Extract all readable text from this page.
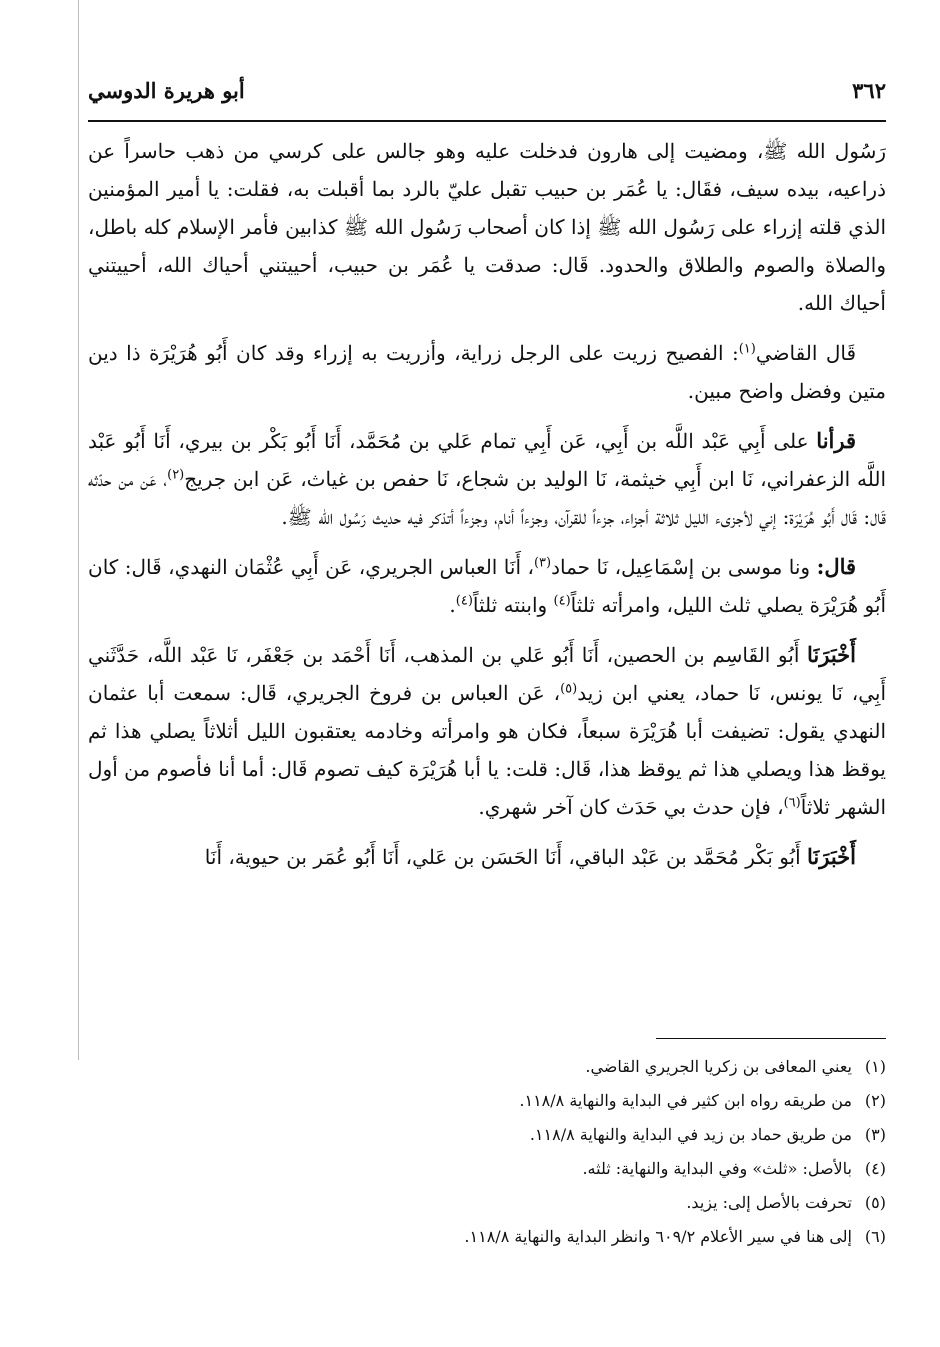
٣٦٢
أبو هريرة الدوسي

رَسُول الله ﷺ، ومضيت إلى هارون فدخلت عليه وهو جالس على كرسي من ذهب حاسراً عن ذراعيه، بيده سيف، فقَال: يا عُمَر بن حبيب تقبل عليّ بالرد بما أقبلت به، فقلت: يا أمير المؤمنين الذي قلته إزراء على رَسُول الله ﷺ إذا كان أصحاب رَسُول الله ﷺ كذابين فأمر الإسلام كله باطل، والصلاة والصوم والطلاق والحدود. قَال: صدقت يا عُمَر بن حبيب، أحييتني أحياك الله، أحييتني أحياك الله.

قَال القاضي$^{(١)}$: الفصيح زريت على الرجل زراية، وأزريت به إزراء وقد كان أَبُو هُرَيْرَة ذا دين متين وفضل واضح مبين.

قرأنا على أَبِي عَبْد اللَّه بن أَبِي، عَن أَبِي تمام عَلي بن مُحَمَّد، أَنَا أَبُو بَكْر بن بيري، أَنَا أَبُو عَبْد اللَّه الزعفراني، نَا ابن أَبِي خيثمة، نَا الوليد بن شجاع، نَا حفص بن غياث، عَن ابن جريج$^{(٢)}$، عَن من حدّثه قَال: قَال أَبُو هُرَيْرَة: إني لأجزىء الليل ثلاثة أجزاء، جزءاً للقرآن، وجزءاً أنام، وجزءاً أتذكر فيه حديث رَسُول الله ﷺ.

قال: ونا موسى بن إسْمَاعِيل، نَا حماد$^{(٣)}$، أَنَا العباس الجريري، عَن أَبِي عُثْمَان النهدي، قَال: كان أَبُو هُرَيْرَة يصلي ثلث الليل، وامرأته ثلثاً$^{(٤)}$ وابنته ثلثاً$^{(٤)}$.

أَخْبَرَنَا أَبُو القَاسِم بن الحصين، أَنَا أَبُو عَلي بن المذهب، أَنَا أَحْمَد بن جَعْفَر، نَا عَبْد اللَّه، حَدَّثَني أَبِي، نَا يونس، نَا حماد، يعني ابن زيد$^{(٥)}$، عَن العباس بن فروخ الجريري، قَال: سمعت أبا عثمان النهدي يقول: تضيفت أبا هُرَيْرَة سبعاً، فكان هو وامرأته وخادمه يعتقبون الليل أثلاثاً يصلي هذا ثم يوقظ هذا ويصلي هذا ثم يوقظ هذا، قَال: قلت: يا أبا هُرَيْرَة كيف تصوم قَال: أما أنا فأصوم من أول الشهر ثلاثاً$^{(٦)}$، فإن حدث بي حَدَث كان آخر شهري.

أَخْبَرَنَا أَبُو بَكْر مُحَمَّد بن عَبْد الباقي، أَنَا الحَسَن بن عَلي، أَنَا أَبُو عُمَر بن حيوية، أَنَا

(١)
يعني المعافى بن زكريا الجريري القاضي.
(٢)
من طريقه رواه ابن كثير في البداية والنهاية ١١٨/٨.
(٣)
من طريق حماد بن زيد في البداية والنهاية ١١٨/٨.
(٤)
بالأصل: «ثلث» وفي البداية والنهاية: ثلثه.
(٥)
تحرفت بالأصل إلى: يزيد.
(٦)
إلى هنا في سير الأعلام ٦٠٩/٢ وانظر البداية والنهاية ١١٨/٨.
